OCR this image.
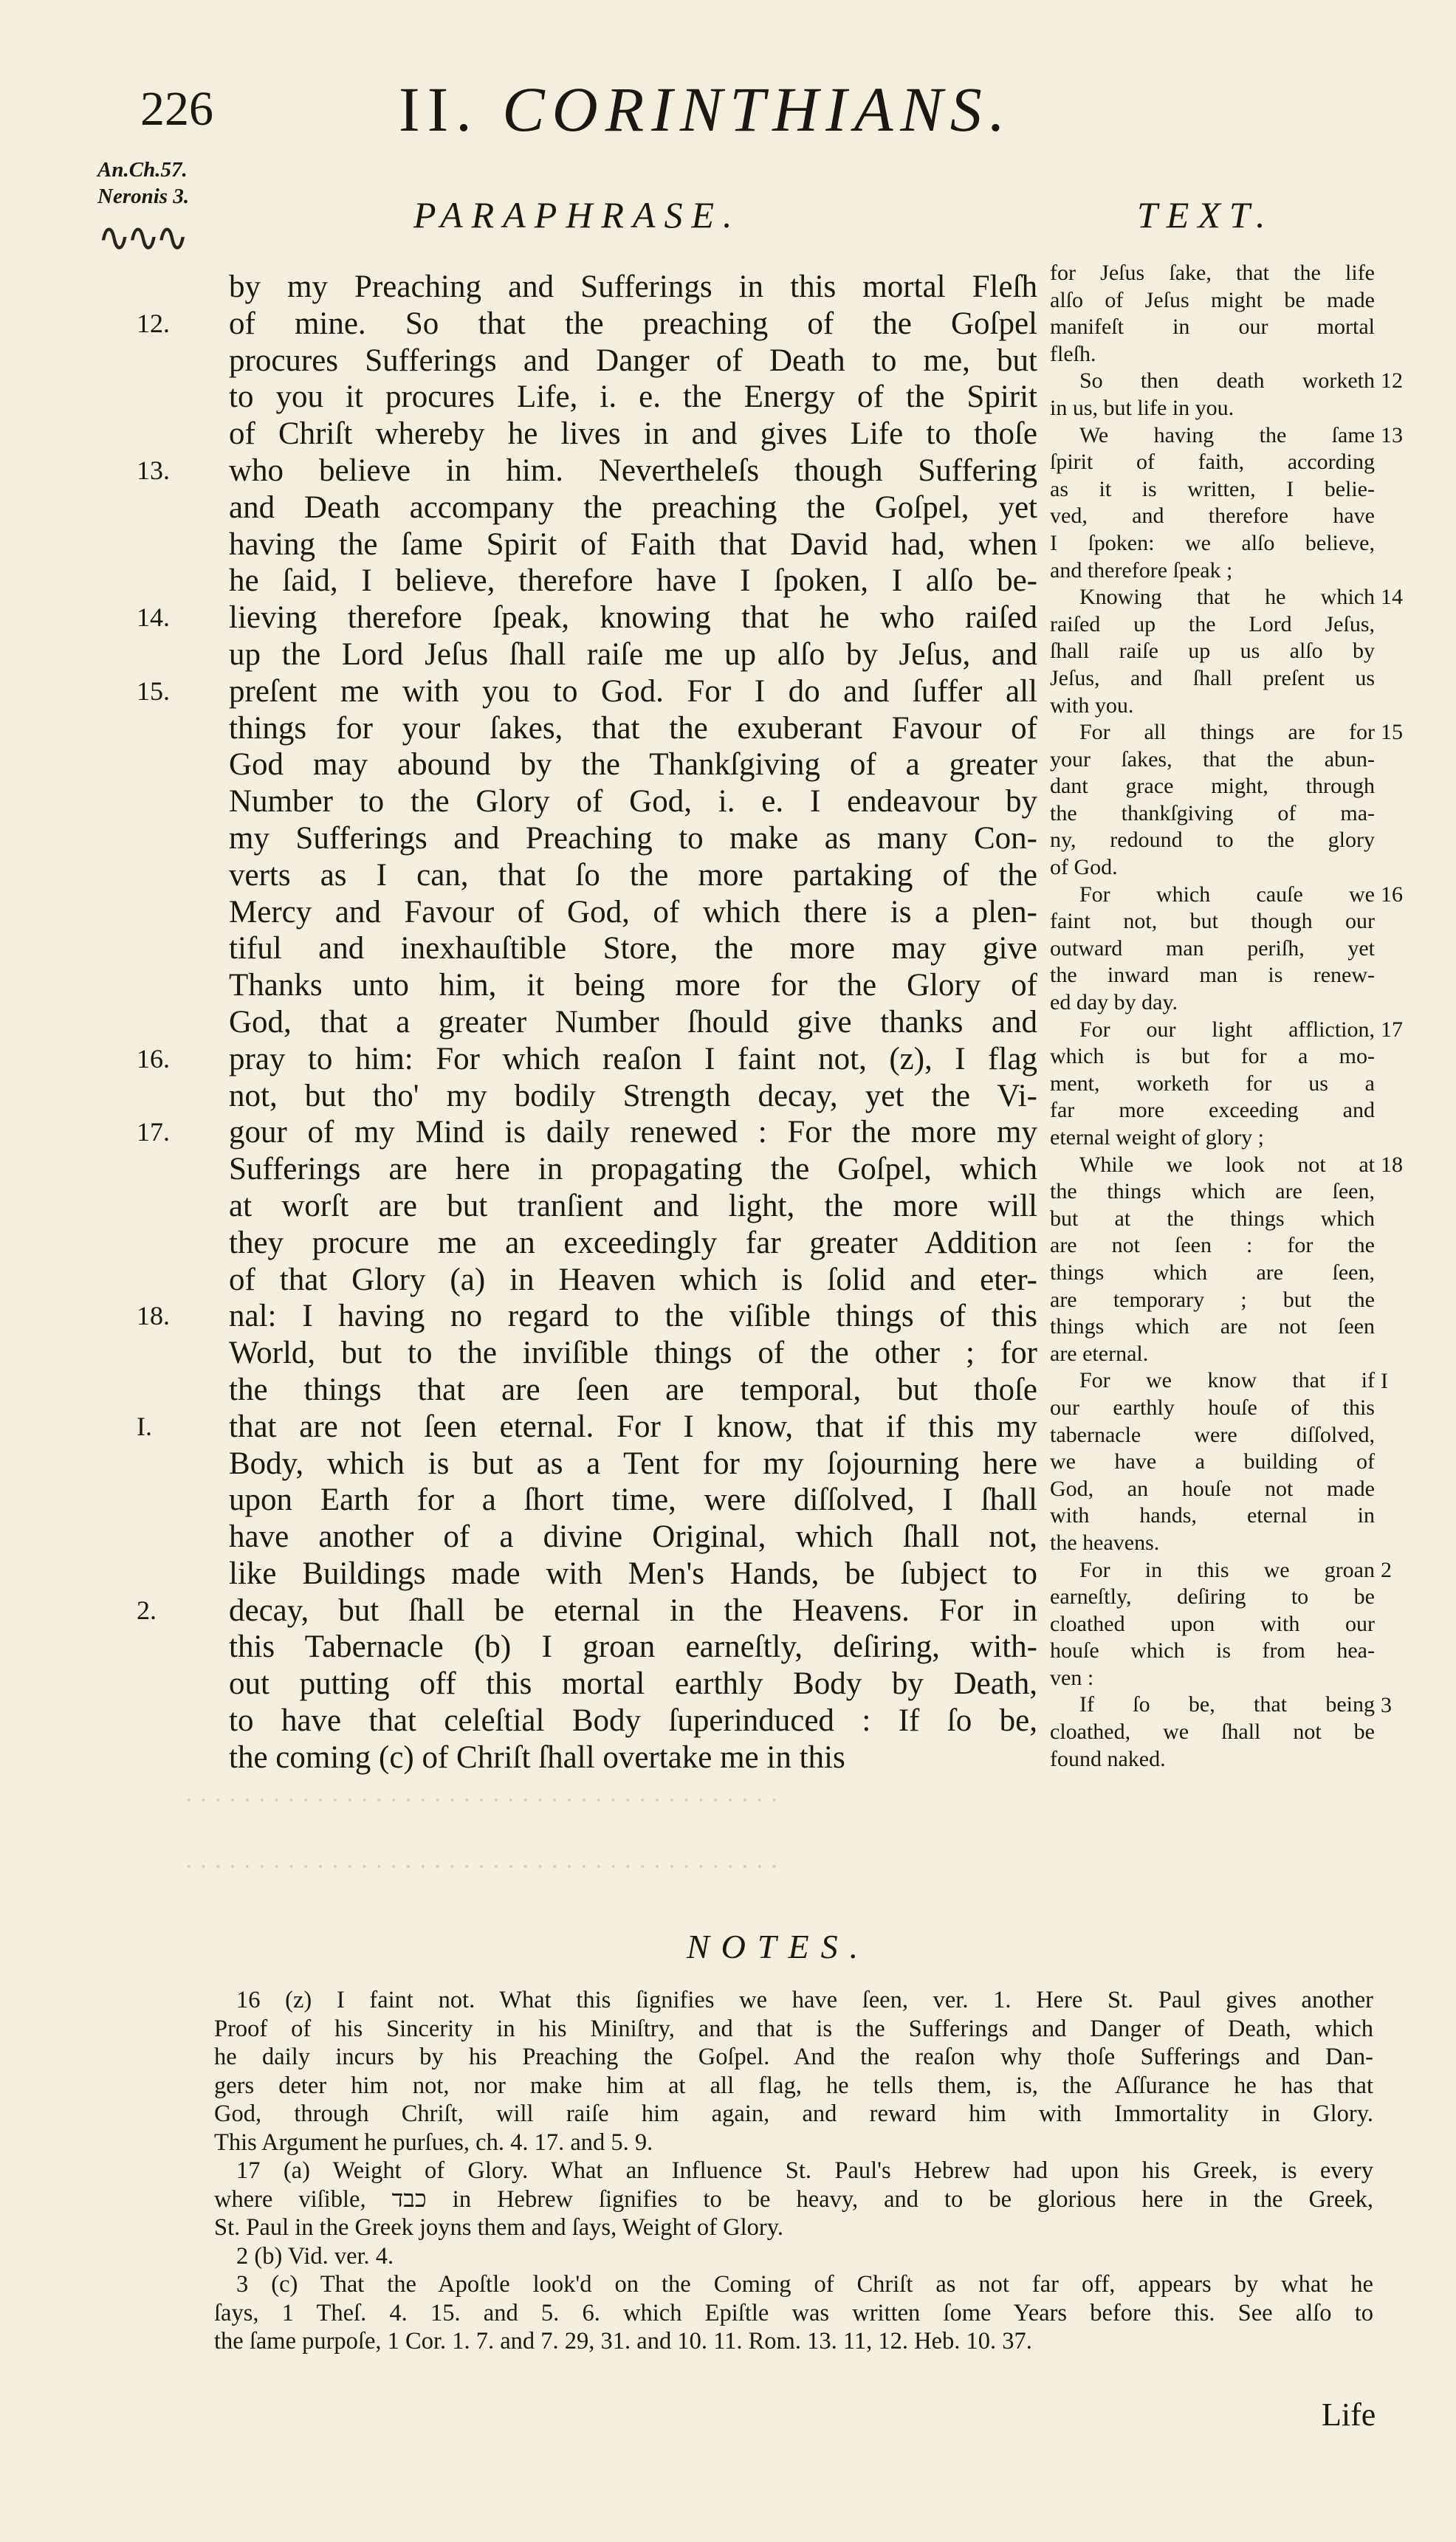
226	II. CORINTHIANS.
An.Ch.57.
Neronis 3.
∿∿∿
PARAPHRASE.	TEXT.
12.
13.
14.
15.
16.
17.
18.
I.
2.
by my Preaching and Sufferings in this mortal Fleſh
of mine. So that the preaching of the Goſpel
procures Sufferings and Danger of Death to me, but
to you it procures Life, i. e. the Energy of the Spirit
of Chriſt whereby he lives in and gives Life to thoſe
who believe in him. Nevertheleſs though Suffering
and Death accompany the preaching the Goſpel, yet
having the ſame Spirit of Faith that David had, when
he ſaid, I believe, therefore have I ſpoken, I alſo be-
lieving therefore ſpeak, knowing that he who raiſed
up the Lord Jeſus ſhall raiſe me up alſo by Jeſus, and
preſent me with you to God. For I do and ſuffer all
things for your ſakes, that the exuberant Favour of
God may abound by the Thankſgiving of a greater
Number to the Glory of God, i. e. I endeavour by
my Sufferings and Preaching to make as many Con-
verts as I can, that ſo the more partaking of the
Mercy and Favour of God, of which there is a plen-
tiful and inexhauſtible Store, the more may give
Thanks unto him, it being more for the Glory of
God, that a greater Number ſhould give thanks and
pray to him: For which reaſon I faint not, (z), I flag
not, but tho' my bodily Strength decay, yet the Vi-
gour of my Mind is daily renewed : For the more my
Sufferings are here in propagating the Goſpel, which
at worſt are but tranſient and light, the more will
they procure me an exceedingly far greater Addition
of that Glory (a) in Heaven which is ſolid and eter-
nal: I having no regard to the viſible things of this
World, but to the inviſible things of the other ; for
the things that are ſeen are temporal, but thoſe
that are not ſeen eternal. For I know, that if this my
Body, which is but as a Tent for my ſojourning here
upon Earth for a ſhort time, were diſſolved, I ſhall
have another of a divine Original, which ſhall not,
like Buildings made with Men's Hands, be ſubject to
decay, but ſhall be eternal in the Heavens. For in
this Tabernacle (b) I groan earneſtly, deſiring, with-
out putting off this mortal earthly Body by Death,
to have that celeſtial Body ſuperinduced : If ſo be,
the coming (c) of Chriſt ſhall overtake me in this
for Jeſus ſake, that the life
alſo of Jeſus might be made
manifeſt in our mortal
fleſh.
So then death worketh
in us, but life in you.
We having the ſame
ſpirit of faith, according
as it is written, I belie-
ved, and therefore have
I ſpoken: we alſo believe,
and therefore ſpeak ;
Knowing that he which
raiſed up the Lord Jeſus,
ſhall raiſe up us alſo by
Jeſus, and ſhall preſent us
with you.
For all things are for
your ſakes, that the abun-
dant grace might, through
the thankſgiving of ma-
ny, redound to the glory
of God.
For which cauſe we
faint not, but though our
outward man periſh, yet
the inward man is renew-
ed day by day.
For our light affliction,
which is but for a mo-
ment, worketh for us a
far more exceeding and
eternal weight of glory ;
While we look not at
the things which are ſeen,
but at the things which
are not ſeen : for the
things which are ſeen,
are temporary ; but the
things which are not ſeen
are eternal.
For we know that if
our earthly houſe of this
tabernacle were diſſolved,
we have a building of
God, an houſe not made
with hands, eternal in
the heavens.
For in this we groan
earneſtly, deſiring to be
cloathed upon with our
houſe which is from hea-
ven :
If ſo be, that being
cloathed, we ſhall not be
found naked.
12
13
14
15
16
17
18
I
2
3
· · · · · · · · · · · · · · · · · · · · · · · · · · · · · · · · · · · · · · · · ·
· · · · · · · · · · · · · · · · · · · · · · · · · · · · · · · · · · · · · · · · ·
NOTES.
16 (z) I faint not. What this ſignifies we have ſeen, ver. 1. Here St. Paul gives another
Proof of his Sincerity in his Miniſtry, and that is the Sufferings and Danger of Death, which
he daily incurs by his Preaching the Goſpel. And the reaſon why thoſe Sufferings and Dan-
gers deter him not, nor make him at all flag, he tells them, is, the Aſſurance he has that
God, through Chriſt, will raiſe him again, and reward him with Immortality in Glory.
This Argument he purſues, ch. 4. 17. and 5. 9.
17 (a) Weight of Glory. What an Influence St. Paul's Hebrew had upon his Greek, is every
where viſible, כבד in Hebrew ſignifies to be heavy, and to be glorious here in the Greek,
St. Paul in the Greek joyns them and ſays, Weight of Glory.
2 (b) Vid. ver. 4.
3 (c) That the Apoſtle look'd on the Coming of Chriſt as not far off, appears by what he
ſays, 1 Theſ. 4. 15. and 5. 6. which Epiſtle was written ſome Years before this. See alſo to
the ſame purpoſe, 1 Cor. 1. 7. and 7. 29, 31. and 10. 11. Rom. 13. 11, 12. Heb. 10. 37.
Life
